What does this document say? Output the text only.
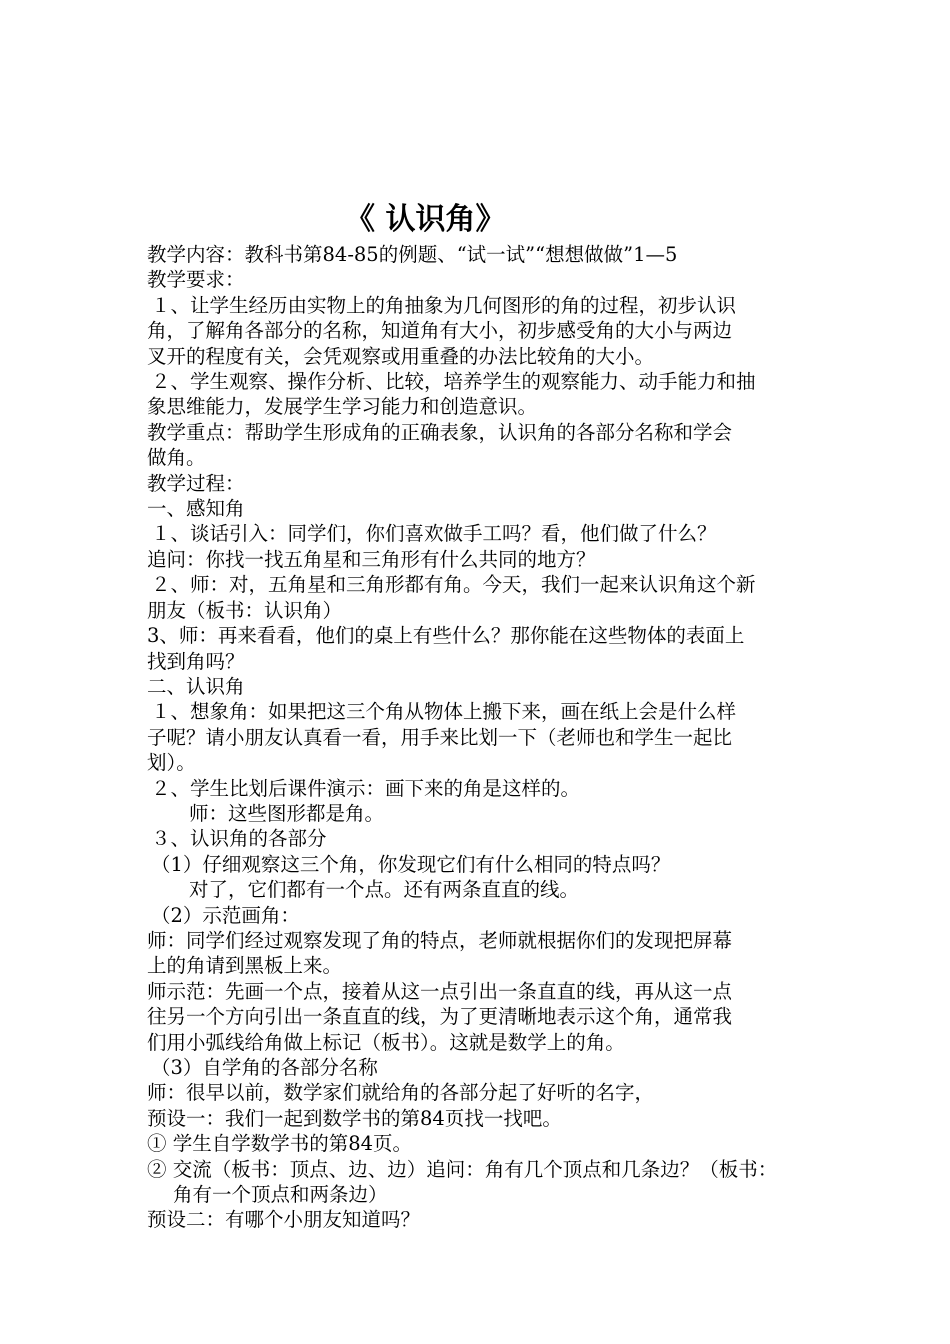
《 认识角》
教学内容：教科书第84-85的例题、“试一试”“想想做做”1—5
教学要求：
１、让学生经历由实物上的角抽象为几何图形的角的过程，初步认识
角，了解角各部分的名称，知道角有大小，初步感受角的大小与两边
叉开的程度有关，会凭观察或用重叠的办法比较角的大小。
２、学生观察、操作分析、比较，培养学生的观察能力、动手能力和抽
象思维能力，发展学生学习能力和创造意识。
教学重点：帮助学生形成角的正确表象，认识角的各部分名称和学会
做角。
教学过程：
一、感知角
１、谈话引入：同学们，你们喜欢做手工吗？看，他们做了什么？
追问：你找一找五角星和三角形有什么共同的地方？
２、师：对，五角星和三角形都有角。今天，我们一起来认识角这个新
朋友（板书：认识角）
3、师：再来看看，他们的桌上有些什么？那你能在这些物体的表面上
找到角吗？
二、认识角
１、想象角：如果把这三个角从物体上搬下来，画在纸上会是什么样
子呢？请小朋友认真看一看，用手来比划一下（老师也和学生一起比
划）。
２、学生比划后课件演示：画下来的角是这样的。
师：这些图形都是角。
３、认识角的各部分
（1）仔细观察这三个角，你发现它们有什么相同的特点吗？
对了，它们都有一个点。还有两条直直的线。
（2）示范画角：
师：同学们经过观察发现了角的特点，老师就根据你们的发现把屏幕
上的角请到黑板上来。
师示范：先画一个点，接着从这一点引出一条直直的线，再从这一点
往另一个方向引出一条直直的线，为了更清晰地表示这个角，通常我
们用小弧线给角做上标记（板书）。这就是数学上的角。
（3）自学角的各部分名称
师：很早以前，数学家们就给角的各部分起了好听的名字，
预设一：我们一起到数学书的第84页找一找吧。
① 学生自学数学书的第84页。
② 交流（板书：顶点、边、边）追问：角有几个顶点和几条边？（板书：
角有一个顶点和两条边）
预设二：有哪个小朋友知道吗？
